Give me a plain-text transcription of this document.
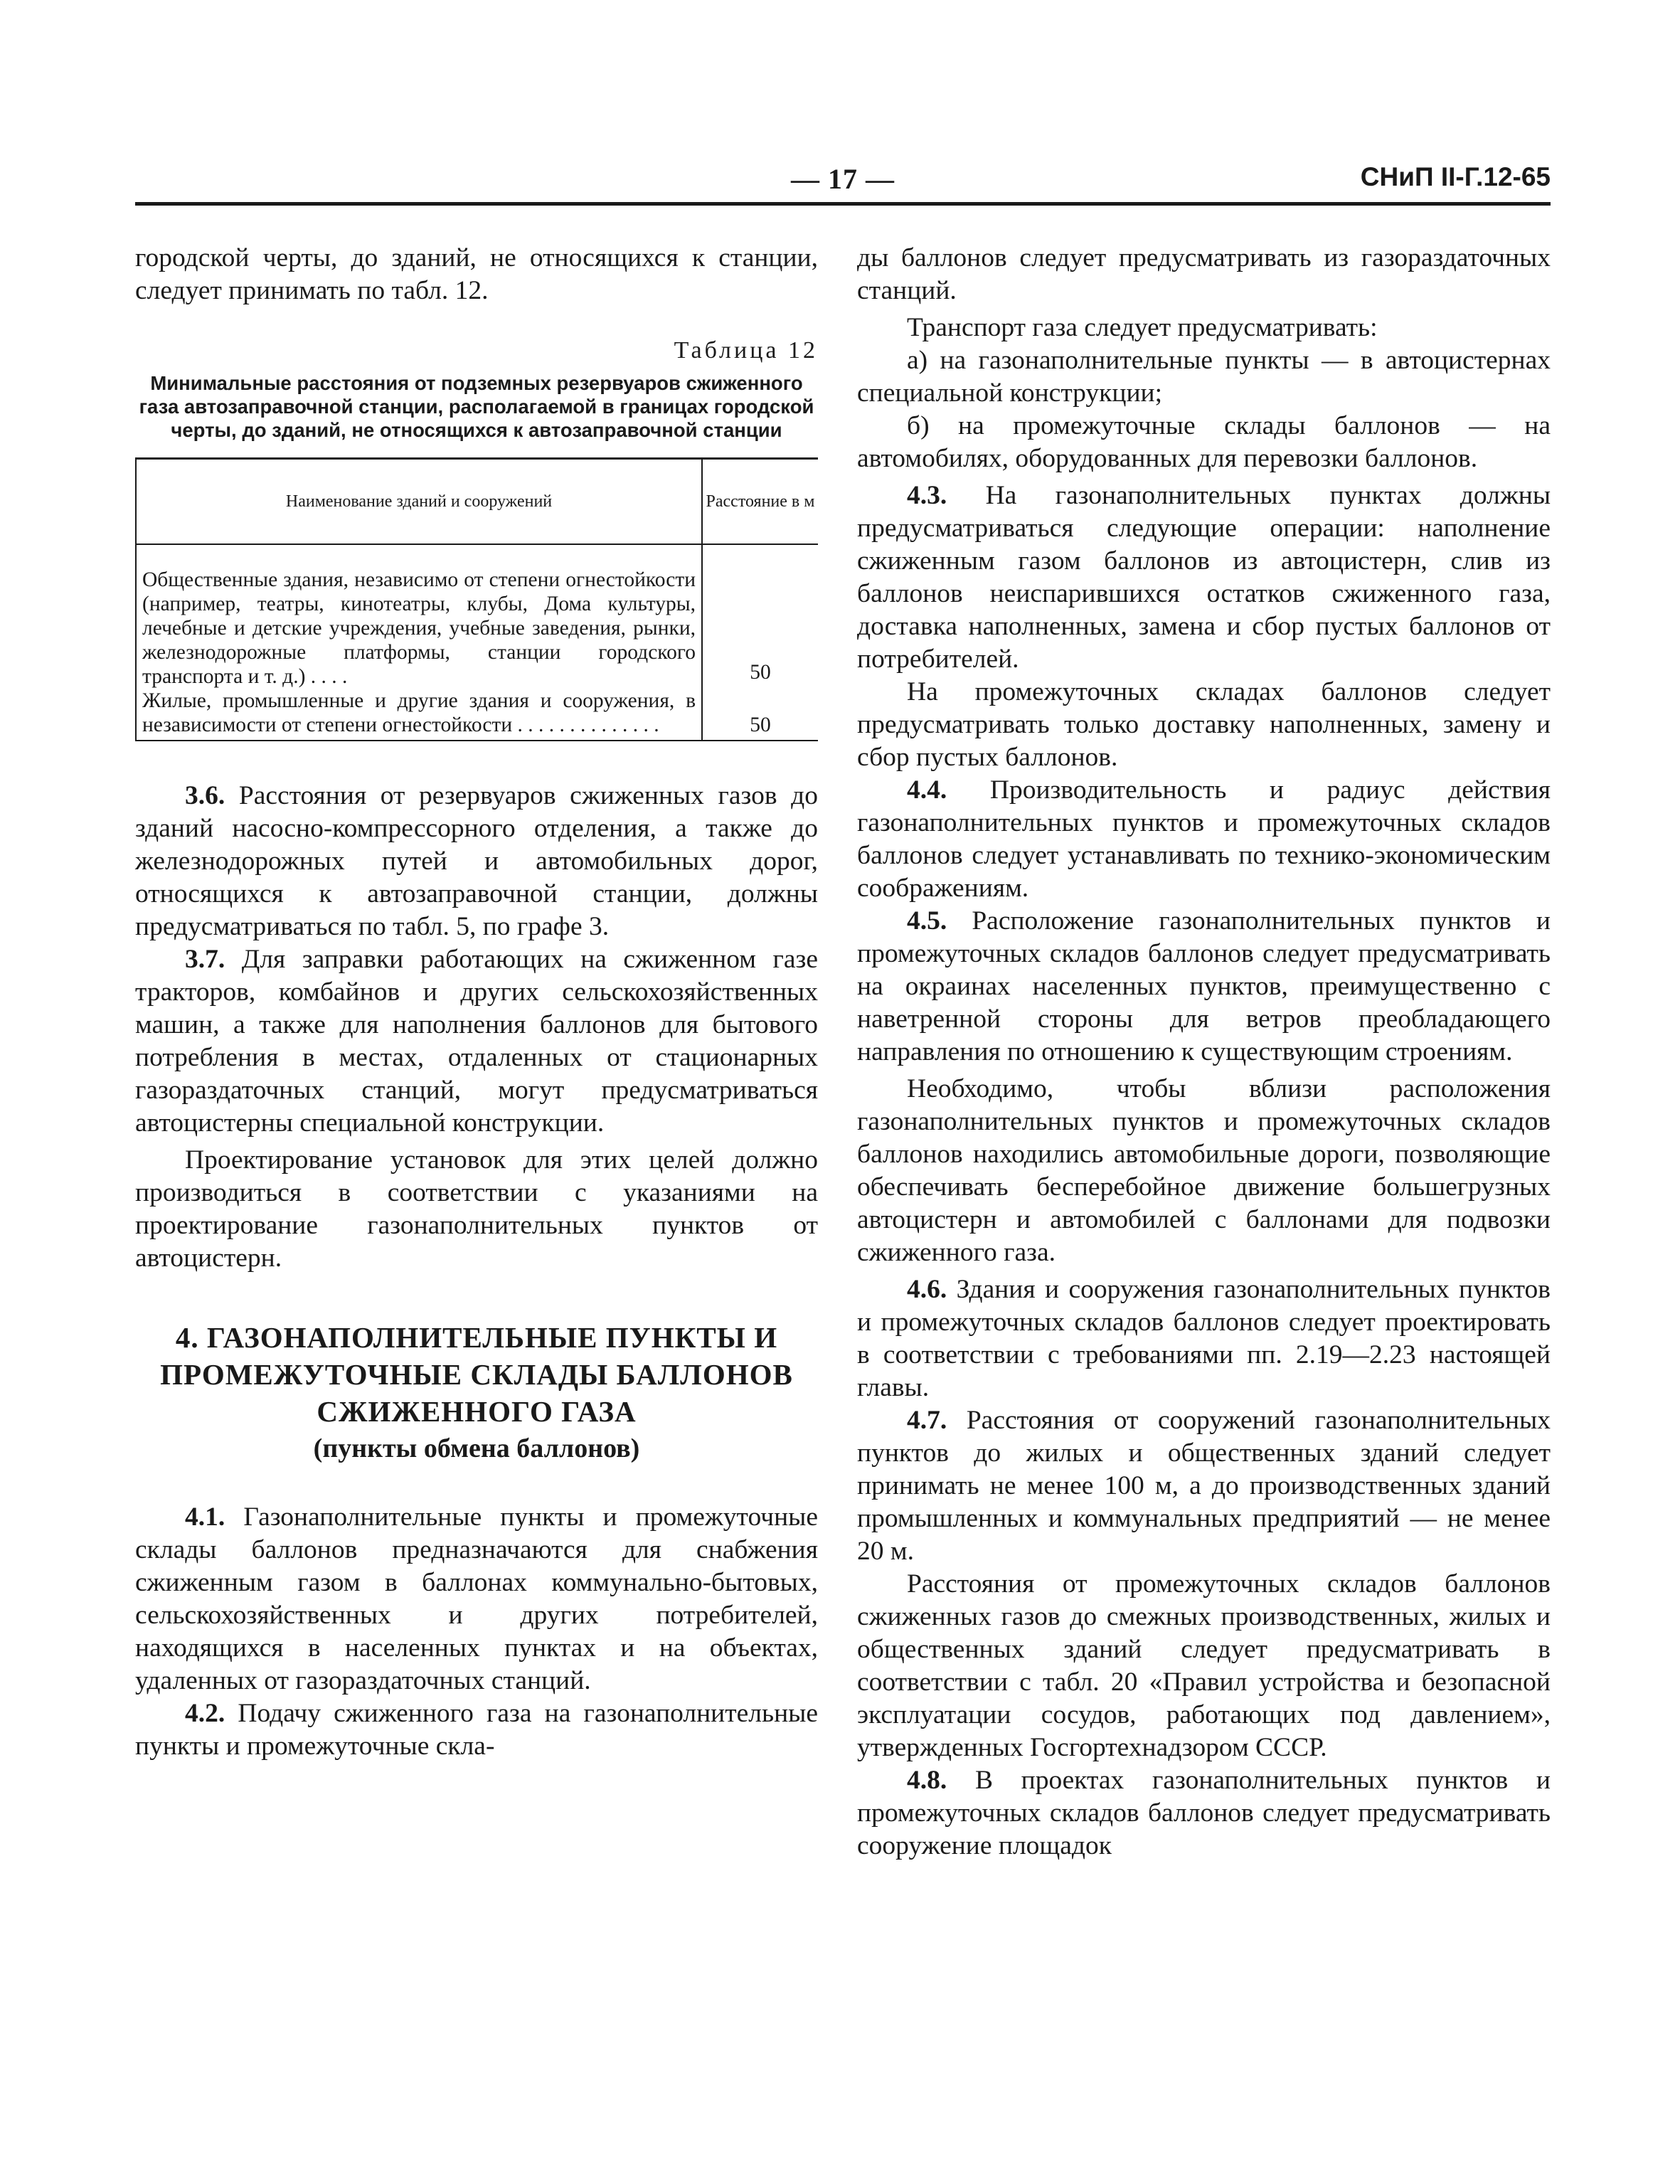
— 17 —	СНиП II-Г.12-65

городской черты, до зданий, не относящихся к станции, следует принимать по табл. 12.

Таблица 12
Минимальные расстояния от подземных резервуаров сжиженного газа автозаправочной станции, располагаемой в границах городской черты, до зданий, не относящихся к автозаправочной станции
Наименование зданий и сооружений	Расстояние в м
Общественные здания, независимо от степени огнестойкости (например, театры, кинотеатры, клубы, Дома культуры, лечебные и детские учреждения, учебные заведения, рынки, железнодорожные платформы, станции городского транспорта и т. д.) . . . .	50
Жилые, промышленные и другие здания и сооружения, в независимости от степени огнестойкости . . . . . . . . . . . . . .	50

3.6. Расстояния от резервуаров сжиженных газов до зданий насосно-компрессорного отделения, а также до железнодорожных путей и автомобильных дорог, относящихся к автозаправочной станции, должны предусматриваться по табл. 5, по графе 3.

3.7. Для заправки работающих на сжиженном газе тракторов, комбайнов и других сельскохозяйственных машин, а также для наполнения баллонов для бытового потребления в местах, отдаленных от стационарных газораздаточных станций, могут предусматриваться автоцистерны специальной конструкции.

Проектирование установок для этих целей должно производиться в соответствии с указаниями на проектирование газонаполнительных пунктов от автоцистерн.

4. ГАЗОНАПОЛНИТЕЛЬНЫЕ ПУНКТЫ И ПРОМЕЖУТОЧНЫЕ СКЛАДЫ БАЛЛОНОВ СЖИЖЕННОГО ГАЗА
(пункты обмена баллонов)

4.1. Газонаполнительные пункты и промежуточные склады баллонов предназначаются для снабжения сжиженным газом в баллонах коммунально-бытовых, сельскохозяйственных и других потребителей, находящихся в населенных пунктах и на объектах, удаленных от газораздаточных станций.

4.2. Подачу сжиженного газа на газонаполнительные пункты и промежуточные скла-

ды баллонов следует предусматривать из газораздаточных станций.

Транспорт газа следует предусматривать:

а) на газонаполнительные пункты — в автоцистернах специальной конструкции;

б) на промежуточные склады баллонов — на автомобилях, оборудованных для перевозки баллонов.

4.3. На газонаполнительных пунктах должны предусматриваться следующие операции: наполнение сжиженным газом баллонов из автоцистерн, слив из баллонов неиспарившихся остатков сжиженного газа, доставка наполненных, замена и сбор пустых баллонов от потребителей.

На промежуточных складах баллонов следует предусматривать только доставку наполненных, замену и сбор пустых баллонов.

4.4. Производительность и радиус действия газонаполнительных пунктов и промежуточных складов баллонов следует устанавливать по технико-экономическим соображениям.

4.5. Расположение газонаполнительных пунктов и промежуточных складов баллонов следует предусматривать на окраинах населенных пунктов, преимущественно с наветренной стороны для ветров преобладающего направления по отношению к существующим строениям.

Необходимо, чтобы вблизи расположения газонаполнительных пунктов и промежуточных складов баллонов находились автомобильные дороги, позволяющие обеспечивать бесперебойное движение большегрузных автоцистерн и автомобилей с баллонами для подвозки сжиженного газа.

4.6. Здания и сооружения газонаполнительных пунктов и промежуточных складов баллонов следует проектировать в соответствии с требованиями пп. 2.19—2.23 настоящей главы.

4.7. Расстояния от сооружений газонаполнительных пунктов до жилых и общественных зданий следует принимать не менее 100 м, а до производственных зданий промышленных и коммунальных предприятий — не менее 20 м.

Расстояния от промежуточных складов баллонов сжиженных газов до смежных производственных, жилых и общественных зданий следует предусматривать в соответствии с табл. 20 «Правил устройства и безопасной эксплуатации сосудов, работающих под давлением», утвержденных Госгортехнадзором СССР.

4.8. В проектах газонаполнительных пунктов и промежуточных складов баллонов следует предусматривать сооружение площадок
